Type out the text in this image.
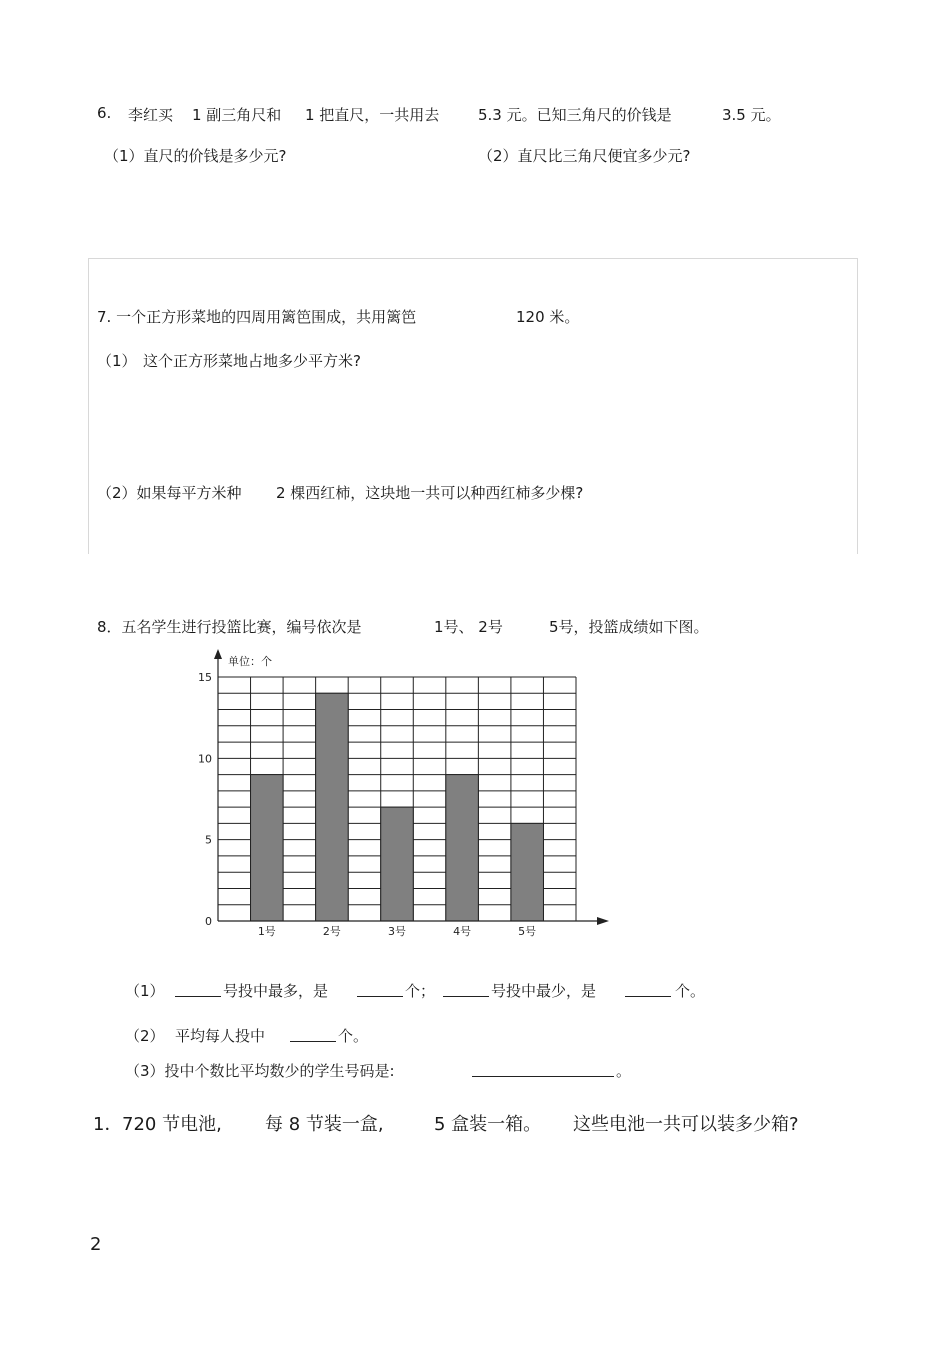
6. 李红买 1 副三角尺和 1 把直尺，一共用去	5.3 元。已知三角尺的价钱是	3.5 元。
（1）直尺的价钱是多少元?	（2）直尺比三角尺便宜多少元?
7. 一个正方形菜地的四周用篱笆围成，共用篱笆	120 米。
（1） 这个正方形菜地占地多少平方米?
（2）如果每平方米种 2 棵西红柿，这块地一共可以种西红柿多少棵?
8．五名学生进行投篮比赛，编号依次是	1号、 2号	5号，投篮成绩如下图。
1号	2号	3号	4号	5号
0
5
10
15
单位：个
（1）	号投中最多，是	个；	号投中最少，是	个。
（2） 平均每人投中	个。
（3）投中个数比平均数少的学生号码是:	。
1． 720 节电池, 每 8 节装一盒,	5 盒装一箱。 这些电池一共可以装多少箱?
2
